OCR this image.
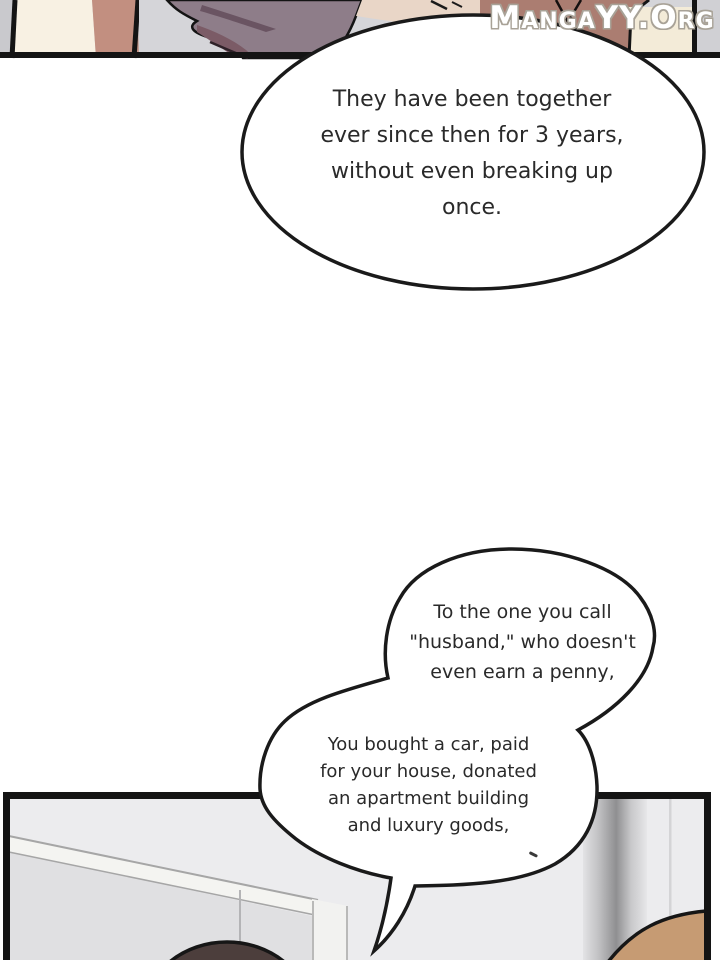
They have been together
ever since then for 3 years,
without even breaking up
once.
To the one you call
"husband," who doesn't
even earn a penny,
You bought a car, paid
for your house, donated
an apartment building
and luxury goods,
MangaYY.Org
